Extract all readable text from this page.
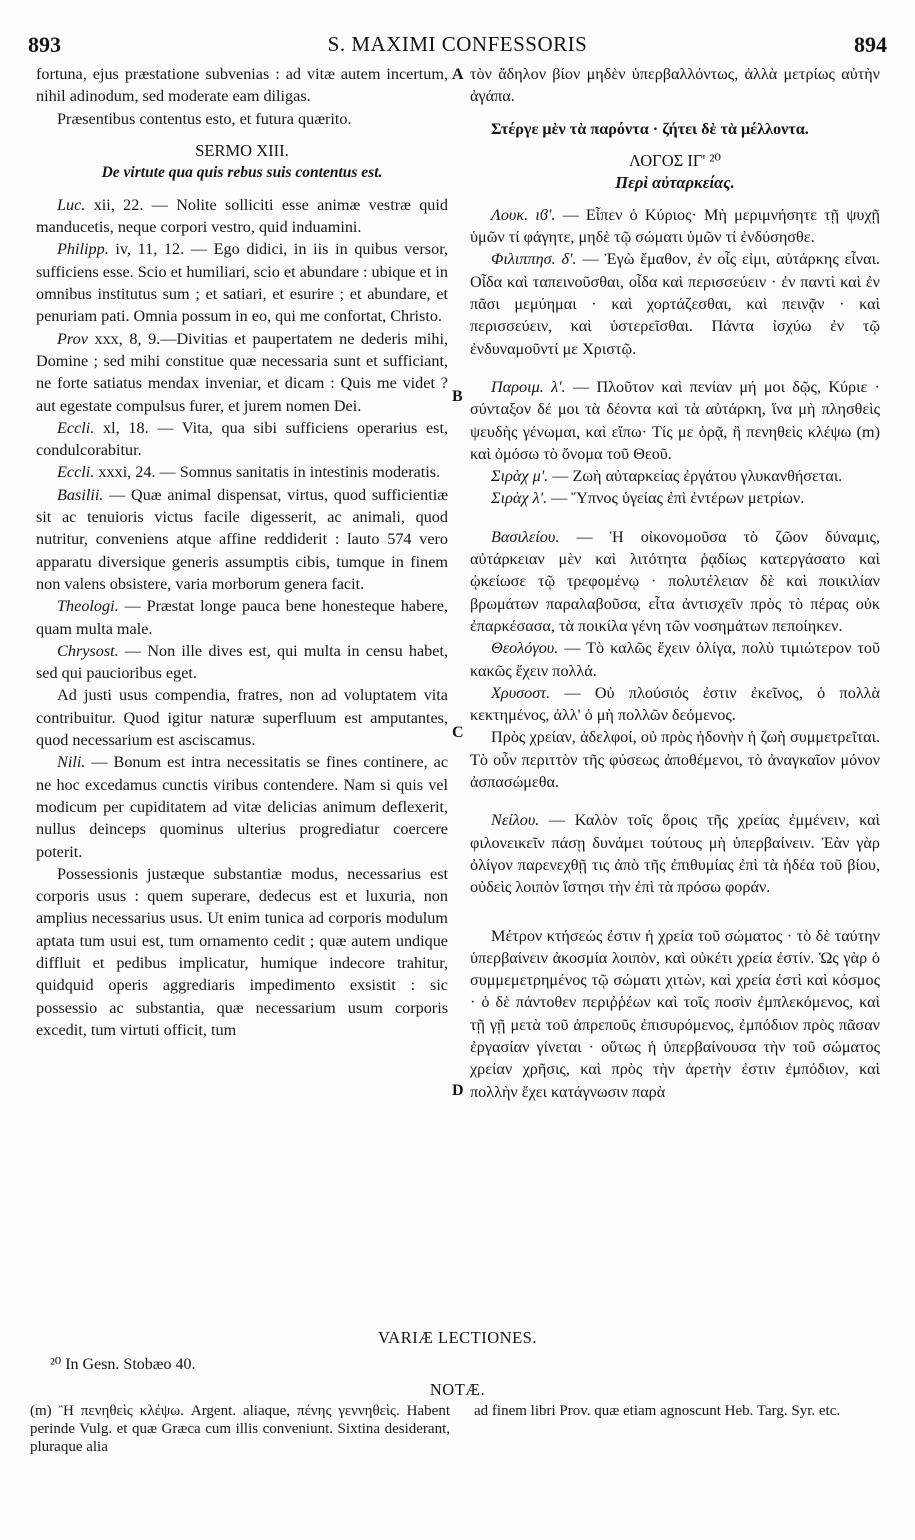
893	S. MAXIMI CONFESSORIS	894
fortuna, ejus præstatione subvenias : ad vitæ autem incertum, nihil adinodum, sed moderate eam diligas.
Præsentibus contentus esto, et futura quærito.
SERMO XIII.
De virtute qua quis rebus suis contentus est.
Luc. xii, 22. — Nolite solliciti esse animæ vestræ quid manducetis, neque corpori vestro, quid induamini.
Philipp. iv, 11, 12. — Ego didici, in iis in quibus versor, sufficiens esse. Scio et humiliari, scio et abundare : ubique et in omnibus institutus sum ; et satiari, et esurire ; et abundare, et penuriam pati. Omnia possum in eo, qui me confortat, Christo.
Prov xxx, 8, 9.—Divitias et paupertatem ne dederis mihi, Domine ; sed mihi constitue quæ necessaria sunt et sufficiant, ne forte satiatus mendax inveniar, et dicam : Quis me videt ? aut egestate compulsus furer, et jurem nomen Dei.
Eccli. xl, 18. — Vita, qua sibi sufficiens operarius est, condulcorabitur.
Eccli. xxxi, 24. — Somnus sanitatis in intestinis moderatis.
Basilii. — Quæ animal dispensat, virtus, quod sufficientiæ sit ac tenuioris victus facile digesserit, ac animali, quod nutritur, conveniens atque affine reddiderit : lauto 574 vero apparatu diversique generis assumptis cibis, tumque in finem non valens obsistere, varia morborum genera facit.
Theologi. — Præstat longe pauca bene honesteque habere, quam multa male.
Chrysost. — Non ille dives est, qui multa in censu habet, sed qui paucioribus eget.
Ad justi usus compendia, fratres, non ad voluptatem vita contribuitur. Quod igitur naturæ superfluum est amputantes, quod necessarium est asciscamus.
Nili. — Bonum est intra necessitatis se fines continere, ac ne hoc excedamus cunctis viribus contendere. Nam si quis vel modicum per cupiditatem ad vitæ delicias animum deflexerit, nullus deinceps quominus ulterius progrediatur coercere poterit.
Possessionis justæque substantiæ modus, necessarius est corporis usus : quem superare, dedecus est et luxuria, non amplius necessarius usus. Ut enim tunica ad corporis modulum aptata tum usui est, tum ornamento cedit ; quæ autem undique diffluit et pedibus implicatur, humique indecore trahitur, quidquid operis aggrediaris impedimento exsistit : sic possessio ac substantia, quæ necessarium usum corporis excedit, tum virtuti officit, tum
A
B
C
D
τὸν ἄδηλον βίον μηδὲν ὑπερβαλλόντως, ἀλλὰ μετρίως αὐτὴν ἀγάπα.
Στέργε μὲν τὰ παρόντα · ζήτει δὲ τὰ μέλλοντα.
ΛΟΓΟΣ ΙΓ' ²⁰
Περὶ αὐταρκείας.
Λουκ. ιϐ'. — Εἶπεν ὁ Κύριος· Μὴ μεριμνήσητε τῇ ψυχῇ ὑμῶν τί φάγητε, μηδὲ τῷ σώματι ὑμῶν τί ἐνδύσησθε.
Φιλιππησ. δ'. — Ἐγὼ ἔμαθον, ἐν οἷς εἰμι, αὐτάρκης εἶναι. Οἶδα καὶ ταπεινοῦσθαι, οἶδα καὶ περισσεύειν · ἐν παντὶ καὶ ἐν πᾶσι μεμύημαι · καὶ χορτάζεσθαι, καὶ πεινᾷν · καὶ περισσεύειν, καὶ ὑστερεῖσθαι. Πάντα ἰσχύω ἐν τῷ ἐνδυναμοῦντί με Χριστῷ.
Παροιμ. λ'. — Πλοῦτον καὶ πενίαν μή μοι δῷς, Κύριε · σύνταξον δέ μοι τὰ δέοντα καὶ τὰ αὐτάρκη, ἵνα μὴ πλησθεὶς ψευδὴς γένωμαι, καὶ εἴπω· Τίς με ὁρᾷ, ἢ πενηθεὶς κλέψω (m) καὶ ὀμόσω τὸ ὄνομα τοῦ Θεοῦ.
Σιρὰχ μ'. — Ζωὴ αὐταρκείας ἐργάτου γλυκανθήσεται.
Σιρὰχ λ'. — Ὕπνος ὑγείας ἐπὶ ἐντέρων μετρίων.
Βασιλείου. — Ἡ οἰκονομοῦσα τὸ ζῶον δύναμις, αὐτάρκειαν μὲν καὶ λιτότητα ῥᾳδίως κατεργάσατο καὶ ᾠκείωσε τῷ τρεφομένῳ · πολυτέλειαν δὲ καὶ ποικιλίαν βρωμάτων παραλαβοῦσα, εἶτα ἀντισχεῖν πρὸς τὸ πέρας οὐκ ἐπαρκέσασα, τὰ ποικίλα γένη τῶν νοσημάτων πεποίηκεν.
Θεολόγου. — Τὸ καλῶς ἔχειν ὀλίγα, πολὺ τιμιώτερον τοῦ κακῶς ἔχειν πολλά.
Χρυσοστ. — Οὐ πλούσιός ἐστιν ἐκεῖνος, ὁ πολλὰ κεκτημένος, ἀλλ' ὁ μὴ πολλῶν δεόμενος.
Πρὸς χρείαν, ἀδελφοί, οὐ πρὸς ἡδονὴν ἡ ζωὴ συμμετρεῖται. Τὸ οὖν περιττὸν τῆς φύσεως ἀποθέμενοι, τὸ ἀναγκαῖον μόνον ἀσπασώμεθα.
Νείλου. — Καλὸν τοῖς ὅροις τῆς χρείας ἐμμένειν, καὶ φιλονεικεῖν πάσῃ δυνάμει τούτους μὴ ὑπερβαίνειν. Ἐὰν γὰρ ὀλίγον παρενεχθῇ τις ἀπὸ τῆς ἐπιθυμίας ἐπὶ τὰ ἡδέα τοῦ βίου, οὐδεὶς λοιπὸν ἵστησι τὴν ἐπὶ τὰ πρόσω φοράν.
Μέτρον κτήσεώς ἐστιν ἡ χρεία τοῦ σώματος · τὸ δὲ ταύτην ὑπερβαίνειν ἀκοσμία λοιπὸν, καὶ οὐκέτι χρεία ἐστίν. Ὡς γὰρ ὁ συμμεμετρημένος τῷ σώματι χιτὼν, καὶ χρεία ἐστὶ καὶ κόσμος · ὁ δὲ πάντοθεν περιῤῥέων καὶ τοῖς ποσὶν ἐμπλεκόμενος, καὶ τῇ γῇ μετὰ τοῦ ἀπρεποῦς ἐπισυρόμενος, ἐμπόδιον πρὸς πᾶσαν ἐργασίαν γίνεται · οὕτως ἡ ὑπερβαίνουσα τὴν τοῦ σώματος χρείαν χρῆσις, καὶ πρὸς τὴν ἀρετὴν ἐστιν ἐμπόδιον, καὶ πολλὴν ἔχει κατάγνωσιν παρὰ
VARIÆ LECTIONES.
²⁰ In Gesn. Stobæo 40.
NOTÆ.
(m) Ἢ πενηθεὶς κλέψω. Argent. aliaque, πένης γεννηθεὶς. Habent perinde Vulg. et quæ Græca cum illis conveniunt. Sixtina desiderant, pluraque alia
ad finem libri Prov. quæ etiam agnoscunt Heb. Targ. Syr. etc.
